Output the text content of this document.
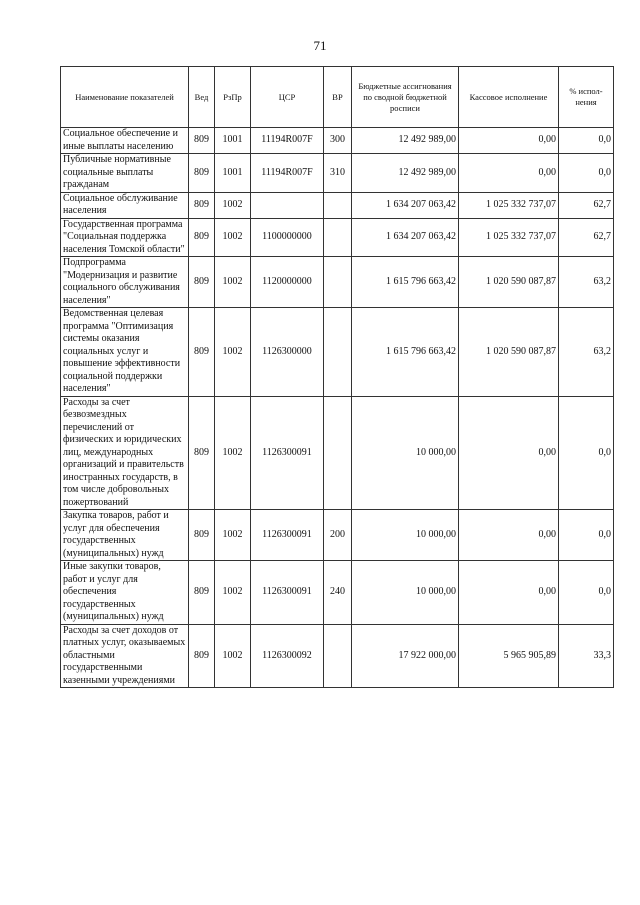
71
Наименование показателей	Вед	РзПр	ЦСР	ВР	Бюджетные ассигнования по сводной бюджетной росписи	Кассовое исполнение	% испол-нения
Социальное обеспечение и иные выплаты населению	809	1001	11194R007F	300	12 492 989,00	0,00	0,0
Публичные нормативные социальные выплаты гражданам	809	1001	11194R007F	310	12 492 989,00	0,00	0,0
Социальное обслуживание населения	809	1002			1 634 207 063,42	1 025 332 737,07	62,7
Государственная программа "Социальная поддержка населения Томской области"	809	1002	1100000000		1 634 207 063,42	1 025 332 737,07	62,7
Подпрограмма "Модернизация и развитие социального обслуживания населения"	809	1002	1120000000		1 615 796 663,42	1 020 590 087,87	63,2
Ведомственная целевая программа "Оптимизация системы оказания социальных услуг и повышение эффективности социальной поддержки населения"	809	1002	1126300000		1 615 796 663,42	1 020 590 087,87	63,2
Расходы за счет безвозмездных перечислений от физических и юридических лиц, международных организаций и правительств иностранных государств, в том числе добровольных пожертвований	809	1002	1126300091		10 000,00	0,00	0,0
Закупка товаров, работ и услуг для обеспечения государственных (муниципальных) нужд	809	1002	1126300091	200	10 000,00	0,00	0,0
Иные закупки товаров, работ и услуг для обеспечения государственных (муниципальных) нужд	809	1002	1126300091	240	10 000,00	0,00	0,0
Расходы за счет доходов от платных услуг, оказываемых областными государственными казенными учреждениями	809	1002	1126300092		17 922 000,00	5 965 905,89	33,3
